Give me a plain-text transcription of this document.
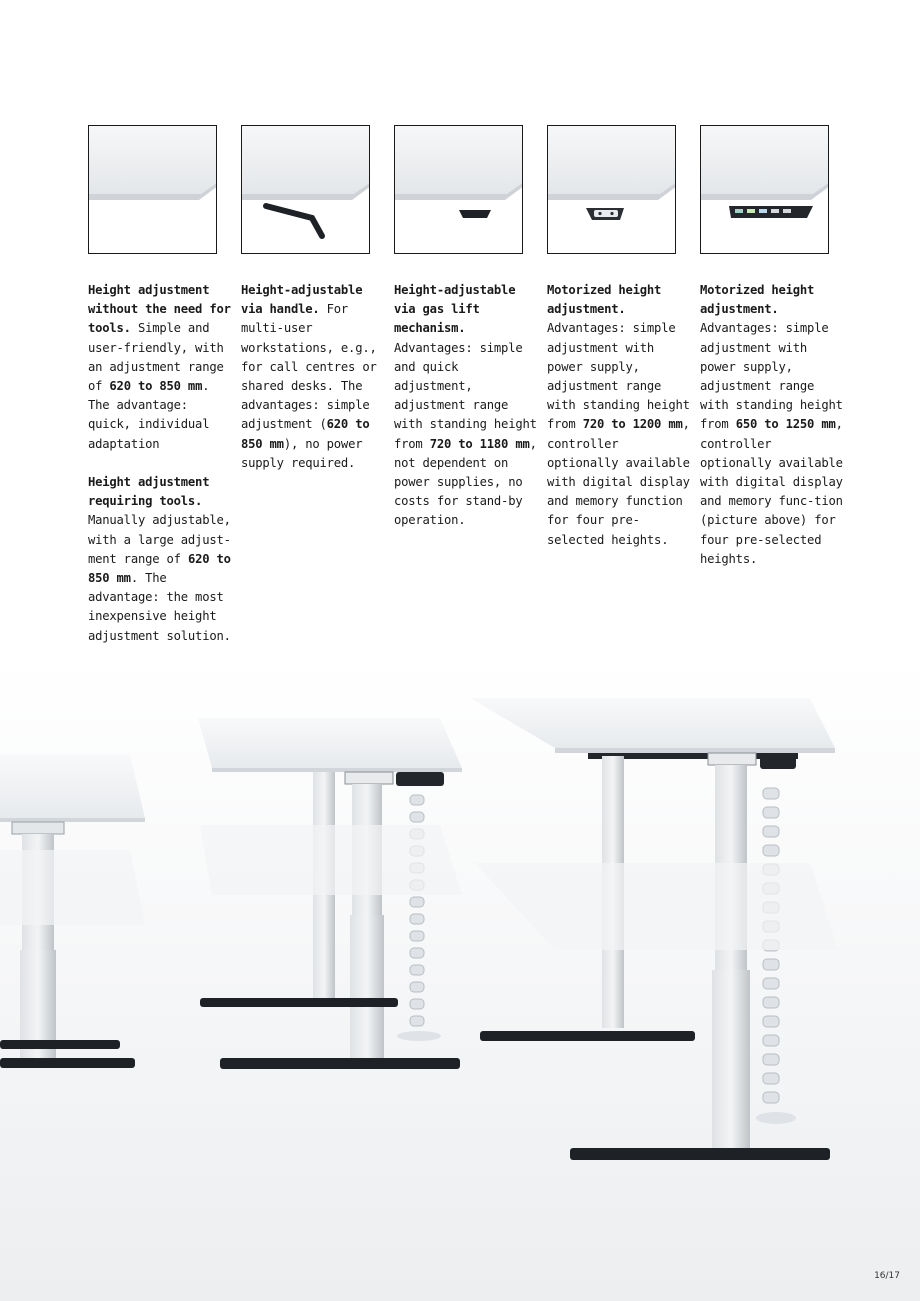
Height adjustment without the need for tools. Simple and user-friendly, with an adjustment range of 620 to 850 mm. The advantage: quick, individual adaptation

Height adjustment requiring tools. Manually adjustable, with a large adjust-ment range of 620 to 850 mm. The advantage: the most inexpensive height adjustment solution.

Height-adjustable via handle. For multi-user workstations, e.g., for call centres or shared desks. The advantages: simple adjustment (620 to 850 mm), no power supply required.

Height-adjustable via gas lift mechanism. Advantages: simple and quick adjustment, adjustment range with standing height from 720 to 1180 mm, not dependent on power supplies, no costs for stand-by operation.

Motorized height adjustment. Advantages: simple adjustment with power supply, adjustment range with standing height from 720 to 1200 mm, controller optionally available with digital display and memory function for four pre-selected heights.

Motorized height adjustment. Advantages: simple adjustment with power supply, adjustment range with standing height from 650 to 1250 mm, controller optionally available with digital display and memory func-tion (picture above) for four pre-selected heights.

16/17
